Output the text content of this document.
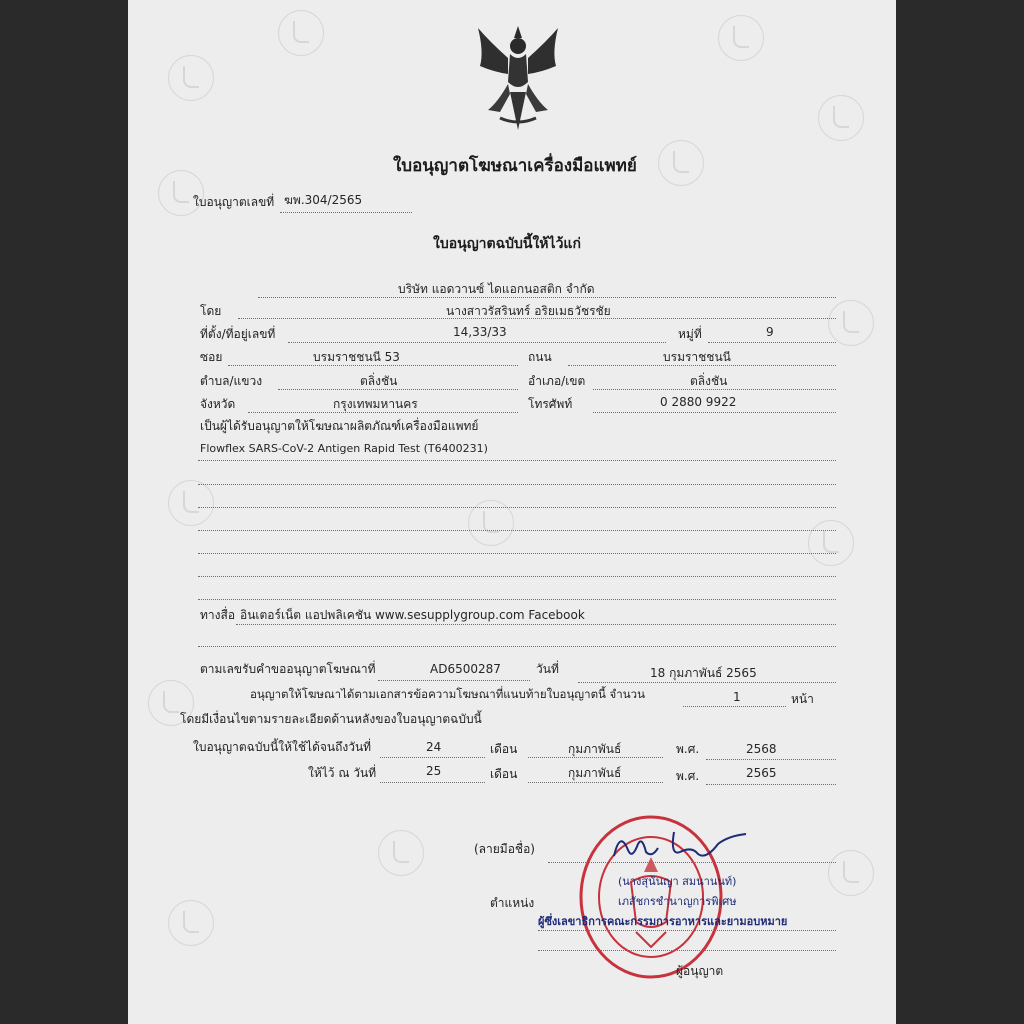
ใบอนุญาตโฆษณาเครื่องมือแพทย์
ใบอนุญาตเลขที่ ฆพ.304/2565
ใบอนุญาตฉบับนี้ให้ไว้แก่
บริษัท แอดวานซ์ ไดแอกนอสติก จำกัด
โดย	นางสาวรัสรินทร์ อริยเมธวัชรชัย
ที่ตั้ง/ที่อยู่เลขที่	14,33/33	หมู่ที่	9
ซอย	บรมราชชนนี 53	ถนน	บรมราชชนนี
ตำบล/แขวง	ตลิ่งชัน	อำเภอ/เขต	ตลิ่งชัน
จังหวัด	กรุงเทพมหานคร	โทรศัพท์	0 2880 9922
เป็นผู้ได้รับอนุญาตให้โฆษณาผลิตภัณฑ์เครื่องมือแพทย์
Flowflex SARS-CoV-2 Antigen Rapid Test (T6400231)
ทางสื่อ อินเตอร์เน็ต แอปพลิเคชัน www.sesupplygroup.com Facebook
ตามเลขรับคำขออนุญาตโฆษณาที่	AD6500287	วันที่	18 กุมภาพันธ์ 2565
อนุญาตให้โฆษณาได้ตามเอกสารข้อความโฆษณาที่แนบท้ายใบอนุญาตนี้ จำนวน	1	หน้า
โดยมีเงื่อนไขตามรายละเอียดด้านหลังของใบอนุญาตฉบับนี้
ใบอนุญาตฉบับนี้ให้ใช้ได้จนถึงวันที่	24	เดือน	กุมภาพันธ์	พ.ศ.	2568
ให้ไว้ ณ วันที่	25	เดือน	กุมภาพันธ์	พ.ศ.	2565
(ลายมือชื่อ)
(นางสุนันญา สมนานนท์)
เภสัชกรชำนาญการพิเศษ
ตำแหน่ง
ผู้ซึ่งเลขาธิการคณะกรรมการอาหารและยามอบหมาย
ผู้อนุญาต
